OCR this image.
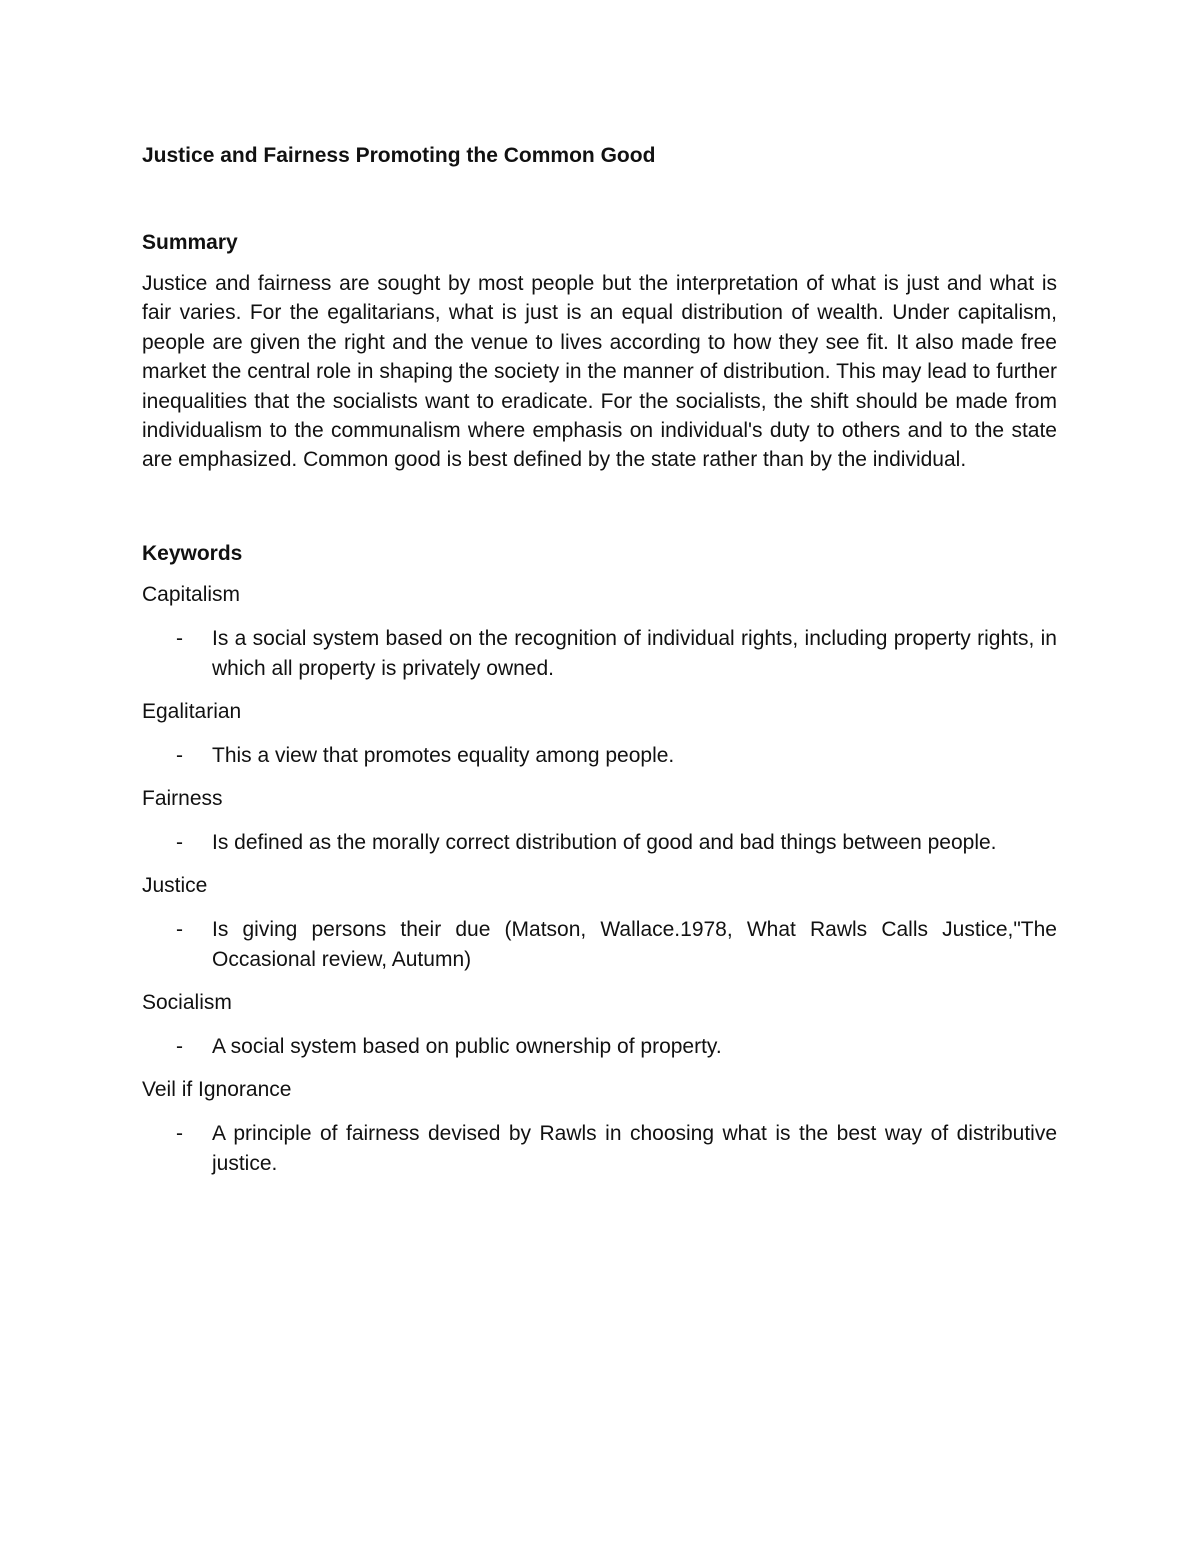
Justice and Fairness Promoting the Common Good
Summary

Justice and fairness are sought by most people but the interpretation of what is just and what is fair varies. For the egalitarians, what is just is an equal distribution of wealth. Under capitalism, people are given the right and the venue to lives according to how they see fit. It also made free market the central role in shaping the society in the manner of distribution. This may lead to further inequalities that the socialists want to eradicate. For the socialists, the shift should be made from individualism to the communalism where emphasis on individual's duty to others and to the state are emphasized. Common good is best defined by the state rather than by the individual.

Keywords

Capitalism

-	Is a social system based on the recognition of individual rights, including property rights, in which all property is privately owned.

Egalitarian

-	This a view that promotes equality among people.

Fairness

-	Is defined as the morally correct distribution of good and bad things between people.

Justice

-	Is giving persons their due (Matson, Wallace.1978, What Rawls Calls Justice,"The Occasional review, Autumn)

Socialism

-	A social system based on public ownership of property.

Veil if Ignorance

-	A principle of fairness devised by Rawls in choosing what is the best way of distributive justice.
